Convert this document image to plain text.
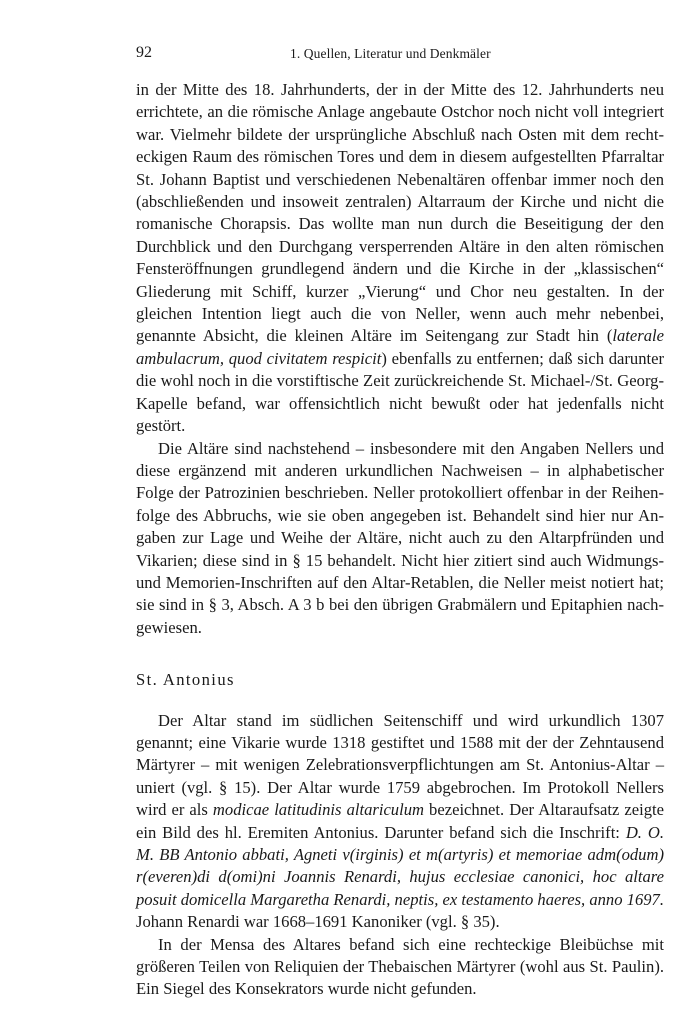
92	1. Quellen, Literatur und Denkmäler

in der Mitte des 18. Jahrhunderts, der in der Mitte des 12. Jahrhunderts neu errichtete, an die römische Anlage angebaute Ostchor noch nicht voll integriert war. Vielmehr bildete der ursprüngliche Abschluß nach Osten mit dem rechteckigen Raum des römischen Tores und dem in diesem aufgestellten Pfarraltar St. Johann Baptist und verschiedenen Nebenaltären offenbar immer noch den (abschließenden und insoweit zentralen) Altarraum der Kirche und nicht die romanische Chorapsis. Das wollte man nun durch die Beseitigung der den Durchblick und den Durchgang versperrenden Altäre in den alten römischen Fensteröffnungen grundlegend ändern und die Kirche in der „klassischen“ Gliederung mit Schiff, kurzer „Vierung“ und Chor neu gestalten. In der gleichen Intention liegt auch die von Neller, wenn auch mehr nebenbei, genannte Absicht, die kleinen Altäre im Seitengang zur Stadt hin (laterale ambulacrum, quod civitatem respicit) ebenfalls zu entfernen; daß sich darunter die wohl noch in die vorstiftische Zeit zurückreichende St. Michael-/St. Georg-Kapelle befand, war offensichtlich nicht bewußt oder hat jedenfalls nicht gestört.

Die Altäre sind nachstehend – insbesondere mit den Angaben Nellers und diese ergänzend mit anderen urkundlichen Nachweisen – in alphabetischer Folge der Patrozinien beschrieben. Neller protokolliert offenbar in der Reihenfolge des Abbruchs, wie sie oben angegeben ist. Behandelt sind hier nur Angaben zur Lage und Weihe der Altäre, nicht auch zu den Altarpfründen und Vikarien; diese sind in § 15 behandelt. Nicht hier zitiert sind auch Widmungs- und Memorien-Inschriften auf den Altar-Retablen, die Neller meist notiert hat; sie sind in § 3, Absch. A 3 b bei den übrigen Grabmälern und Epitaphien nachgewiesen.

St. Antonius

Der Altar stand im südlichen Seitenschiff und wird urkundlich 1307 genannt; eine Vikarie wurde 1318 gestiftet und 1588 mit der der Zehntausend Märtyrer – mit wenigen Zelebrationsverpflichtungen am St. Antonius-Altar – uniert (vgl. § 15). Der Altar wurde 1759 abgebrochen. Im Protokoll Nellers wird er als modicae latitudinis altariculum bezeichnet. Der Altaraufsatz zeigte ein Bild des hl. Eremiten Antonius. Darunter befand sich die Inschrift: D. O. M. BB Antonio abbati, Agneti v(irginis) et m(artyris) et memoriae adm(odum) r(everen)di d(omi)ni Joannis Renardi, hujus ecclesiae canonici, hoc altare posuit domicella Margaretha Renardi, neptis, ex testamento haeres, anno 1697. Johann Renardi war 1668–1691 Kanoniker (vgl. § 35).

In der Mensa des Altares befand sich eine rechteckige Bleibüchse mit größeren Teilen von Reliquien der Thebaischen Märtyrer (wohl aus St. Paulin). Ein Siegel des Konsekrators wurde nicht gefunden.
